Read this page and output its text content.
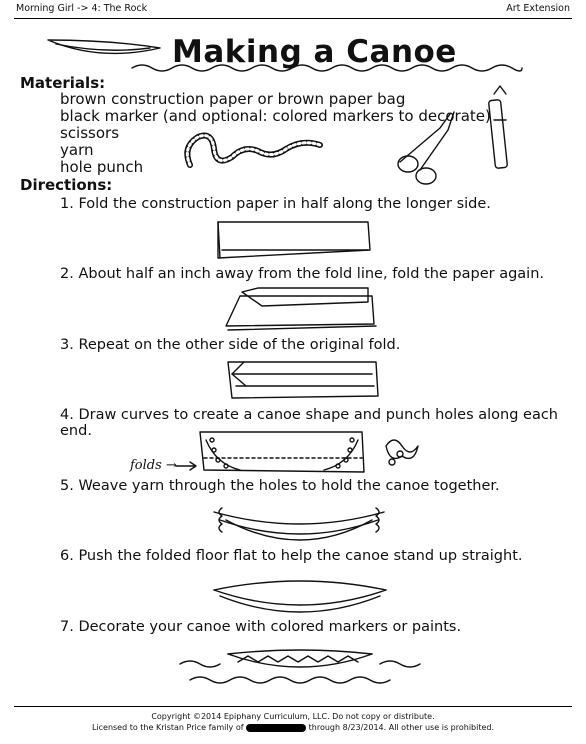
Morning Girl -> 4: The Rock	Art Extension
Making a Canoe
Materials:
brown construction paper or brown paper bag
black marker (and optional: colored markers to decorate)
scissors
yarn
hole punch
Directions:
1. Fold the construction paper in half along the longer side.
2. About half an inch away from the fold line, fold the paper again.
3. Repeat on the other side of the original fold.
4. Draw curves to create a canoe shape and punch holes along each end.
folds →
5. Weave yarn through the holes to hold the canoe together.
6. Push the folded floor flat to help the canoe stand up straight.
7. Decorate your canoe with colored markers or paints.
Copyright ©2014 Epiphany Curriculum, LLC. Do not copy or distribute.
Licensed to the Kristan Price family of	through 8/23/2014. All other use is prohibited.
